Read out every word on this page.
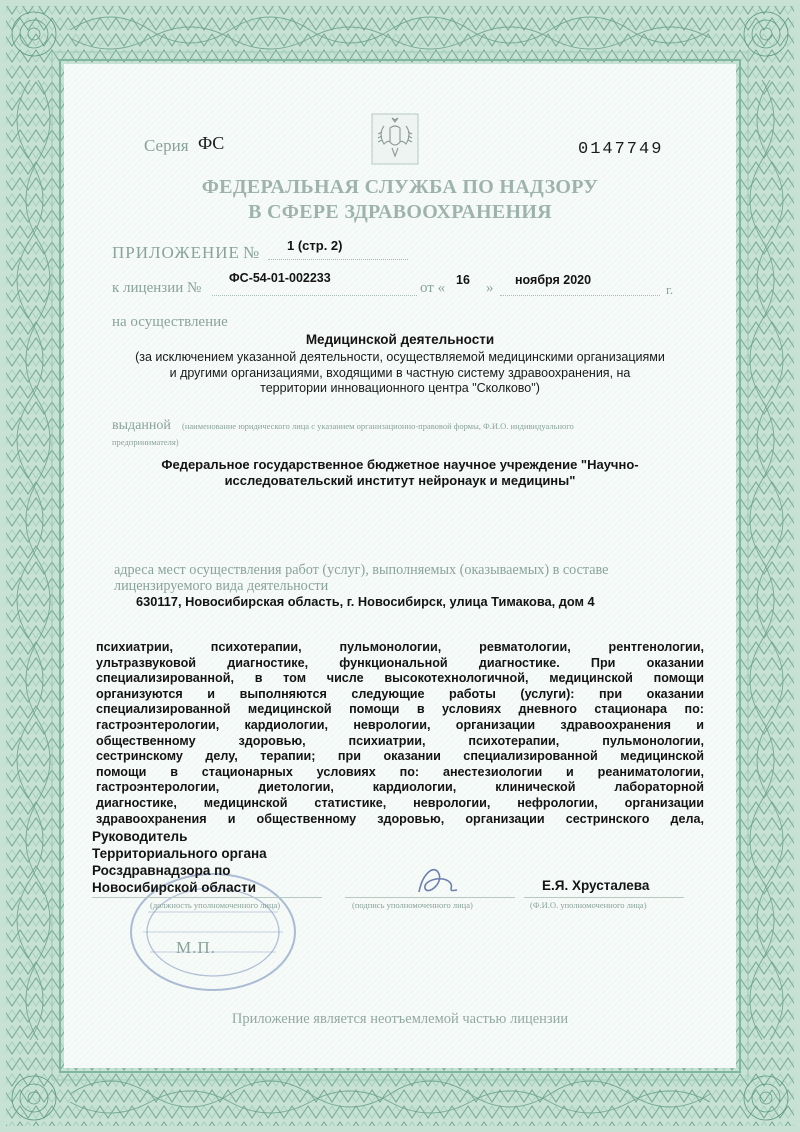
Серия ФС	0147749
ФЕДЕРАЛЬНАЯ СЛУЖБА ПО НАДЗОРУ
В СФЕРЕ ЗДРАВООХРАНЕНИЯ
ПРИЛОЖЕНИЕ № 1 (стр. 2)
к лицензии №
ФС-54-01-002233
от « 16 » ноября 2020
г.
на осуществление
Медицинской деятельности
(за исключением указанной деятельности, осуществляемой медицинскими организациями
и другими организациями, входящими в частную систему здравоохранения, на
территории инновационного центра "Сколково")
выданной (наименование юридического лица с указанием организационно-правовой формы, Ф.И.О. индивидуального
предпринимателя)
Федеральное государственное бюджетное научное учреждение "Научно-
исследовательский институт нейронаук и медицины"
адреса мест осуществления работ (услуг), выполняемых (оказываемых) в составе
лицензируемого вида деятельности
630117, Новосибирская область, г. Новосибирск, улица Тимакова, дом 4
психиатрии, психотерапии, пульмонологии, ревматологии, рентгенологии,
ультразвуковой диагностике, функциональной диагностике. При оказании
специализированной, в том числе высокотехнологичной, медицинской помощи
организуются и выполняются следующие работы (услуги): при оказании
специализированной медицинской помощи в условиях дневного стационара по:
гастроэнтерологии, кардиологии, неврологии, организации здравоохранения и
общественному здоровью, психиатрии, психотерапии, пульмонологии,
сестринскому делу, терапии; при оказании специализированной медицинской
помощи в стационарных условиях по: анестезиологии и реаниматологии,
гастроэнтерологии, диетологии, кардиологии, клинической лабораторной
диагностике, медицинской статистике, неврологии, нефрологии, организации
здравоохранения и общественному здоровью, организации сестринского дела,
Руководитель
Территориального органа
Росздравнадзора по
Новосибирской области
(должность уполномоченного лица)	(подпись уполномоченного лица)
Е.Я. Хрусталева
(Ф.И.О. уполномоченного лица)
М.П.
Приложение является неотъемлемой частью лицензии
